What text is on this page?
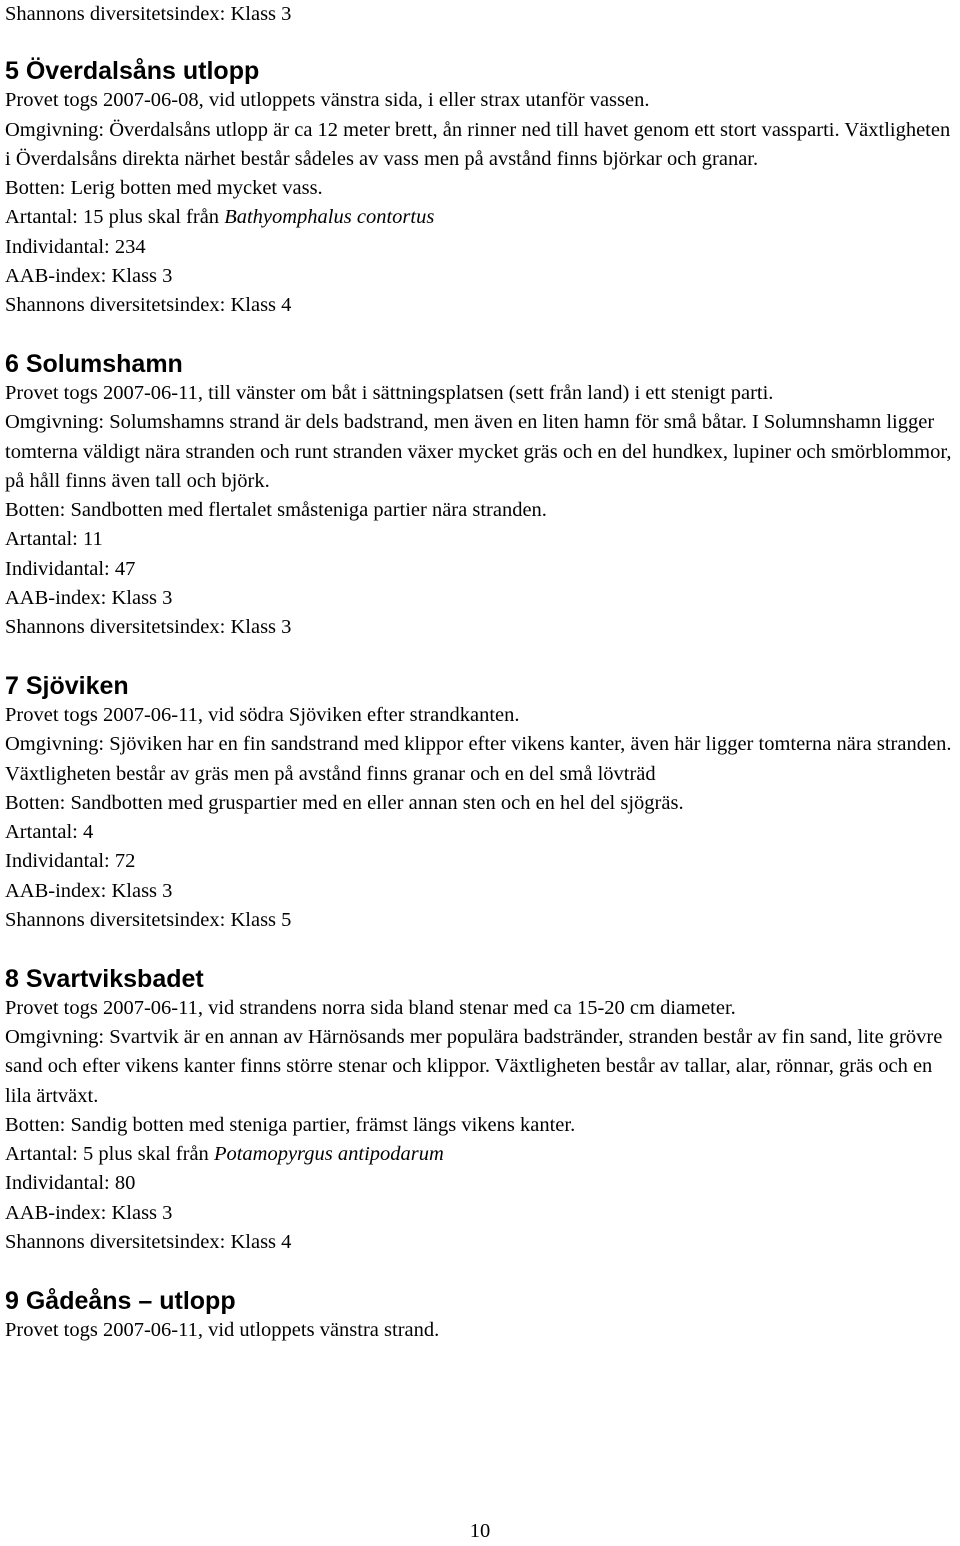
Shannons diversitetsindex: Klass 3

5 Överdalsåns utlopp

Provet togs 2007-06-08, vid utloppets vänstra sida, i eller strax utanför vassen.

Omgivning: Överdalsåns utlopp är ca 12 meter brett, ån rinner ned till havet genom ett stort vassparti. Växtligheten i Överdalsåns direkta närhet består sådeles av vass men på avstånd finns björkar och granar.

Botten: Lerig botten med mycket vass.

Artantal: 15 plus skal från Bathyomphalus contortus

Individantal: 234

AAB-index: Klass 3

Shannons diversitetsindex: Klass 4

6 Solumshamn

Provet togs 2007-06-11, till vänster om båt i sättningsplatsen (sett från land) i ett stenigt parti.

Omgivning: Solumshamns strand är dels badstrand, men även en liten hamn för små båtar. I Solumnshamn ligger tomterna väldigt nära stranden och runt stranden växer mycket gräs och en del hundkex, lupiner och smörblommor, på håll finns även tall och björk.

Botten: Sandbotten med flertalet småsteniga partier nära stranden.

Artantal: 11

Individantal: 47

AAB-index: Klass 3

Shannons diversitetsindex: Klass 3

7 Sjöviken

Provet togs 2007-06-11, vid södra Sjöviken efter strandkanten.

Omgivning: Sjöviken har en fin sandstrand med klippor efter vikens kanter, även här ligger tomterna nära stranden. Växtligheten består av gräs men på avstånd finns granar och en del små lövträd

Botten: Sandbotten med gruspartier med en eller annan sten och en hel del sjögräs.

Artantal: 4

Individantal: 72

AAB-index: Klass 3

Shannons diversitetsindex: Klass 5

8 Svartviksbadet

Provet togs 2007-06-11, vid strandens norra sida bland stenar med ca 15-20 cm diameter.

Omgivning: Svartvik är en annan av Härnösands mer populära badstränder, stranden består av fin sand, lite grövre sand och efter vikens kanter finns större stenar och klippor. Växtligheten består av tallar, alar, rönnar, gräs och en lila ärtväxt.

Botten: Sandig botten med steniga partier, främst längs vikens kanter.

Artantal: 5 plus skal från Potamopyrgus antipodarum

Individantal: 80

AAB-index: Klass 3

Shannons diversitetsindex: Klass 4

9 Gådeåns – utlopp

Provet togs 2007-06-11, vid utloppets vänstra strand.

10
